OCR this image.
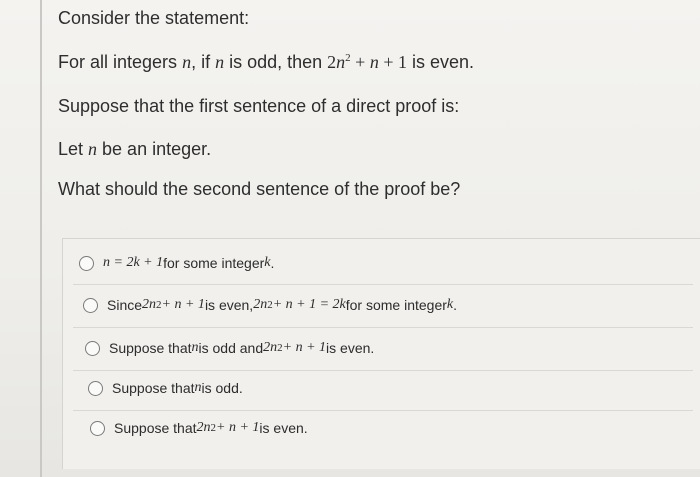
Consider the statement:
For all integers n, if n is odd, then $2n^2 + n + 1$ is even.
Suppose that the first sentence of a direct proof is:
Let n be an integer.
What should the second sentence of the proof be?
n = 2k + 1 for some integer k .
Since 2n 2 + n + 1 is even, 2n 2 + n + 1 = 2k for some integer k .
Suppose that n is odd and 2n 2 + n + 1 is even.
Suppose that n is odd.
Suppose that 2n 2 + n + 1 is even.
